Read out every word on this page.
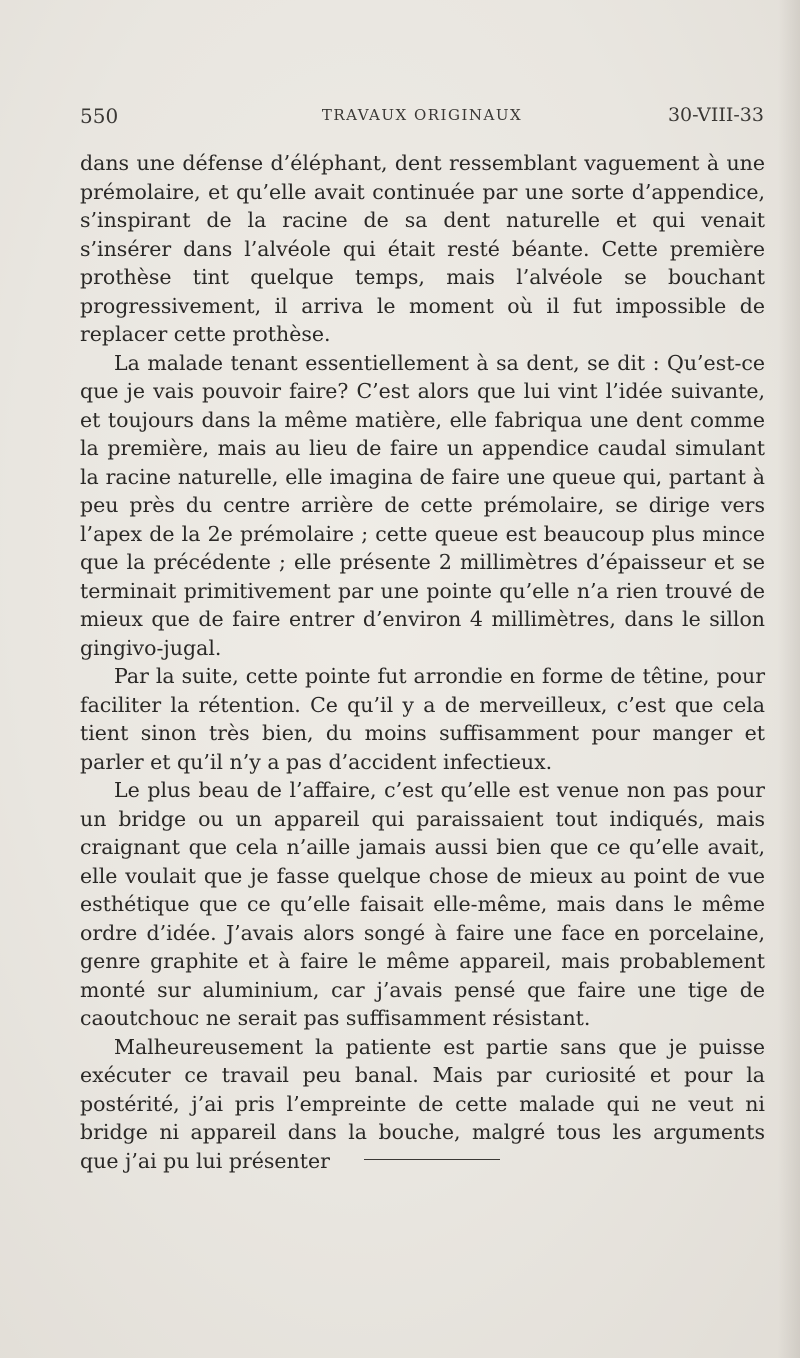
550	TRAVAUX ORIGINAUX	30-VIII-33

dans une défense d’éléphant, dent ressemblant vaguement à une prémolaire, et qu’elle avait continuée par une sorte d’appendice, s’inspirant de la racine de sa dent naturelle et qui venait s’insérer dans l’alvéole qui était resté béante. Cette première prothèse tint quelque temps, mais l’alvéole se bouchant progressivement, il arriva le moment où il fut impossible de replacer cette prothèse.

La malade tenant essentiellement à sa dent, se dit : Qu’est-ce que je vais pouvoir faire? C’est alors que lui vint l’idée suivante, et toujours dans la même matière, elle fabriqua une dent comme la première, mais au lieu de faire un appendice caudal simulant la racine naturelle, elle imagina de faire une queue qui, partant à peu près du centre arrière de cette prémolaire, se dirige vers l’apex de la 2e prémolaire ; cette queue est beaucoup plus mince que la précédente ; elle présente 2 millimètres d’épaisseur et se terminait primitivement par une pointe qu’elle n’a rien trouvé de mieux que de faire entrer d’environ 4 millimètres, dans le sillon gingivo-jugal.

Par la suite, cette pointe fut arrondie en forme de têtine, pour faciliter la rétention. Ce qu’il y a de merveilleux, c’est que cela tient sinon très bien, du moins suffisamment pour manger et parler et qu’il n’y a pas d’accident infectieux.

Le plus beau de l’affaire, c’est qu’elle est venue non pas pour un bridge ou un appareil qui paraissaient tout indiqués, mais craignant que cela n’aille jamais aussi bien que ce qu’elle avait, elle voulait que je fasse quelque chose de mieux au point de vue esthétique que ce qu’elle faisait elle-même, mais dans le même ordre d’idée. J’avais alors songé à faire une face en porcelaine, genre graphite et à faire le même appareil, mais probablement monté sur aluminium, car j’avais pensé que faire une tige de caoutchouc ne serait pas suffisamment résistant.

Malheureusement la patiente est partie sans que je puisse exécuter ce travail peu banal. Mais par curiosité et pour la postérité, j’ai pris l’empreinte de cette malade qui ne veut ni bridge ni appareil dans la bouche, malgré tous les arguments que j’ai pu lui présenter
